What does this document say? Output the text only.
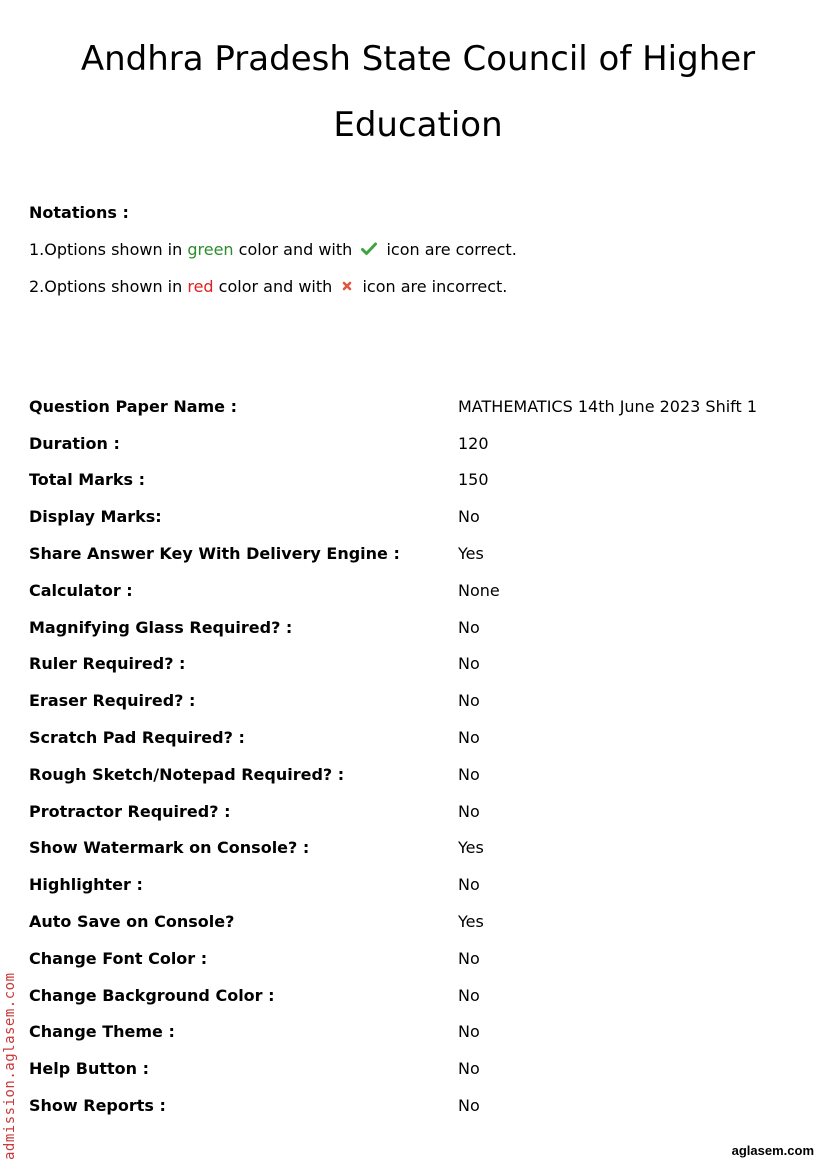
Andhra Pradesh State Council of Higher
Education
Notations :
1.Options shown in green color and with  icon are correct.
2.Options shown in red color and with  icon are incorrect.
Question Paper Name :	MATHEMATICS 14th June 2023 Shift 1
Duration :	120
Total Marks :	150
Display Marks:	No
Share Answer Key With Delivery Engine :	Yes
Calculator :	None
Magnifying Glass Required? :	No
Ruler Required? :	No
Eraser Required? :	No
Scratch Pad Required? :	No
Rough Sketch/Notepad Required? :	No
Protractor Required? :	No
Show Watermark on Console? :	Yes
Highlighter :	No
Auto Save on Console?	Yes
Change Font Color :	No
Change Background Color :	No
Change Theme :	No
Help Button :	No
Show Reports :	No
admission.aglasem.com	aglasem.com
